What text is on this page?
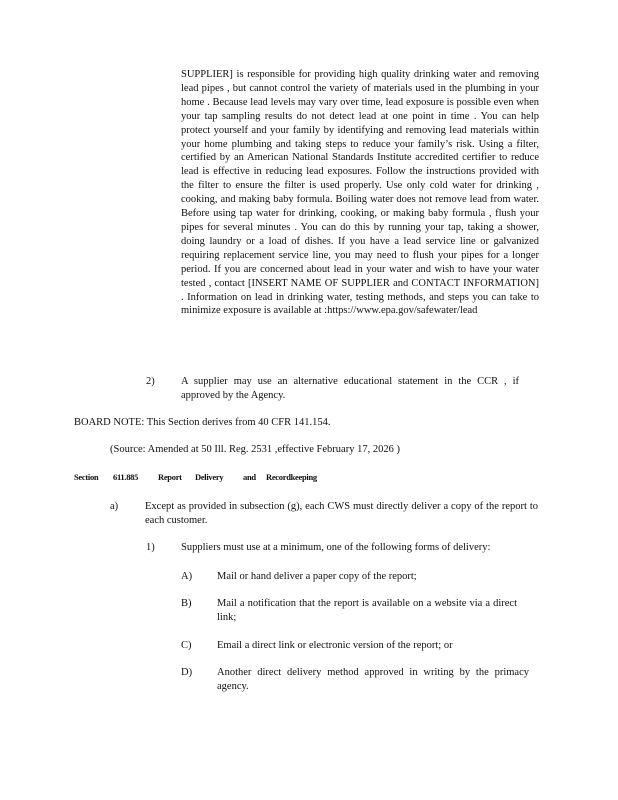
SUPPLIER] is responsible for providing high quality drinking water and removing lead pipes , but cannot control the variety of materials used in the plumbing in your home . Because lead levels may vary over time, lead exposure is possible even when your tap sampling results do not detect lead at one point in time . You can help protect yourself and your family by identifying and removing lead materials within your home plumbing and taking steps to reduce your family’s risk. Using a filter, certified by an American National Standards Institute accredited certifier to reduce lead is effective in reducing lead exposures. Follow the instructions provided with the filter to ensure the filter is used properly. Use only cold water for drinking , cooking, and making baby formula. Boiling water does not remove lead from water. Before using tap water for drinking, cooking, or making baby formula , flush your pipes for several minutes . You can do this by running your tap, taking a shower, doing laundry or a load of dishes. If you have a lead service line or galvanized requiring replacement service line, you may need to flush your pipes for a longer period. If you are concerned about lead in your water and wish to have your water tested , contact [INSERT NAME OF SUPPLIER and CONTACT INFORMATION] . Information on lead in drinking water, testing methods, and steps you can take to minimize exposure is available at :https://www.epa.gov/safewater/lead

2)	A supplier may use an alternative educational statement in the CCR , if approved by the Agency.

BOARD NOTE: This Section derives from 40 CFR 141.154.

(Source: Amended at 50 Ill. Reg. 2531 ,effective February 17, 2026 )

Section 611.885 Report Delivery and Recordkeeping
a)	Except as provided in subsection (g), each CWS must directly deliver a copy of the report to each customer.

1)	Suppliers must use at a minimum, one of the following forms of delivery:

A) Mail or hand deliver a paper copy of the report;

B) Mail a notification that the report is available on a website via a direct link;

C) Email a direct link or electronic version of the report; or

D) Another direct delivery method approved in writing by the primacy agency.
